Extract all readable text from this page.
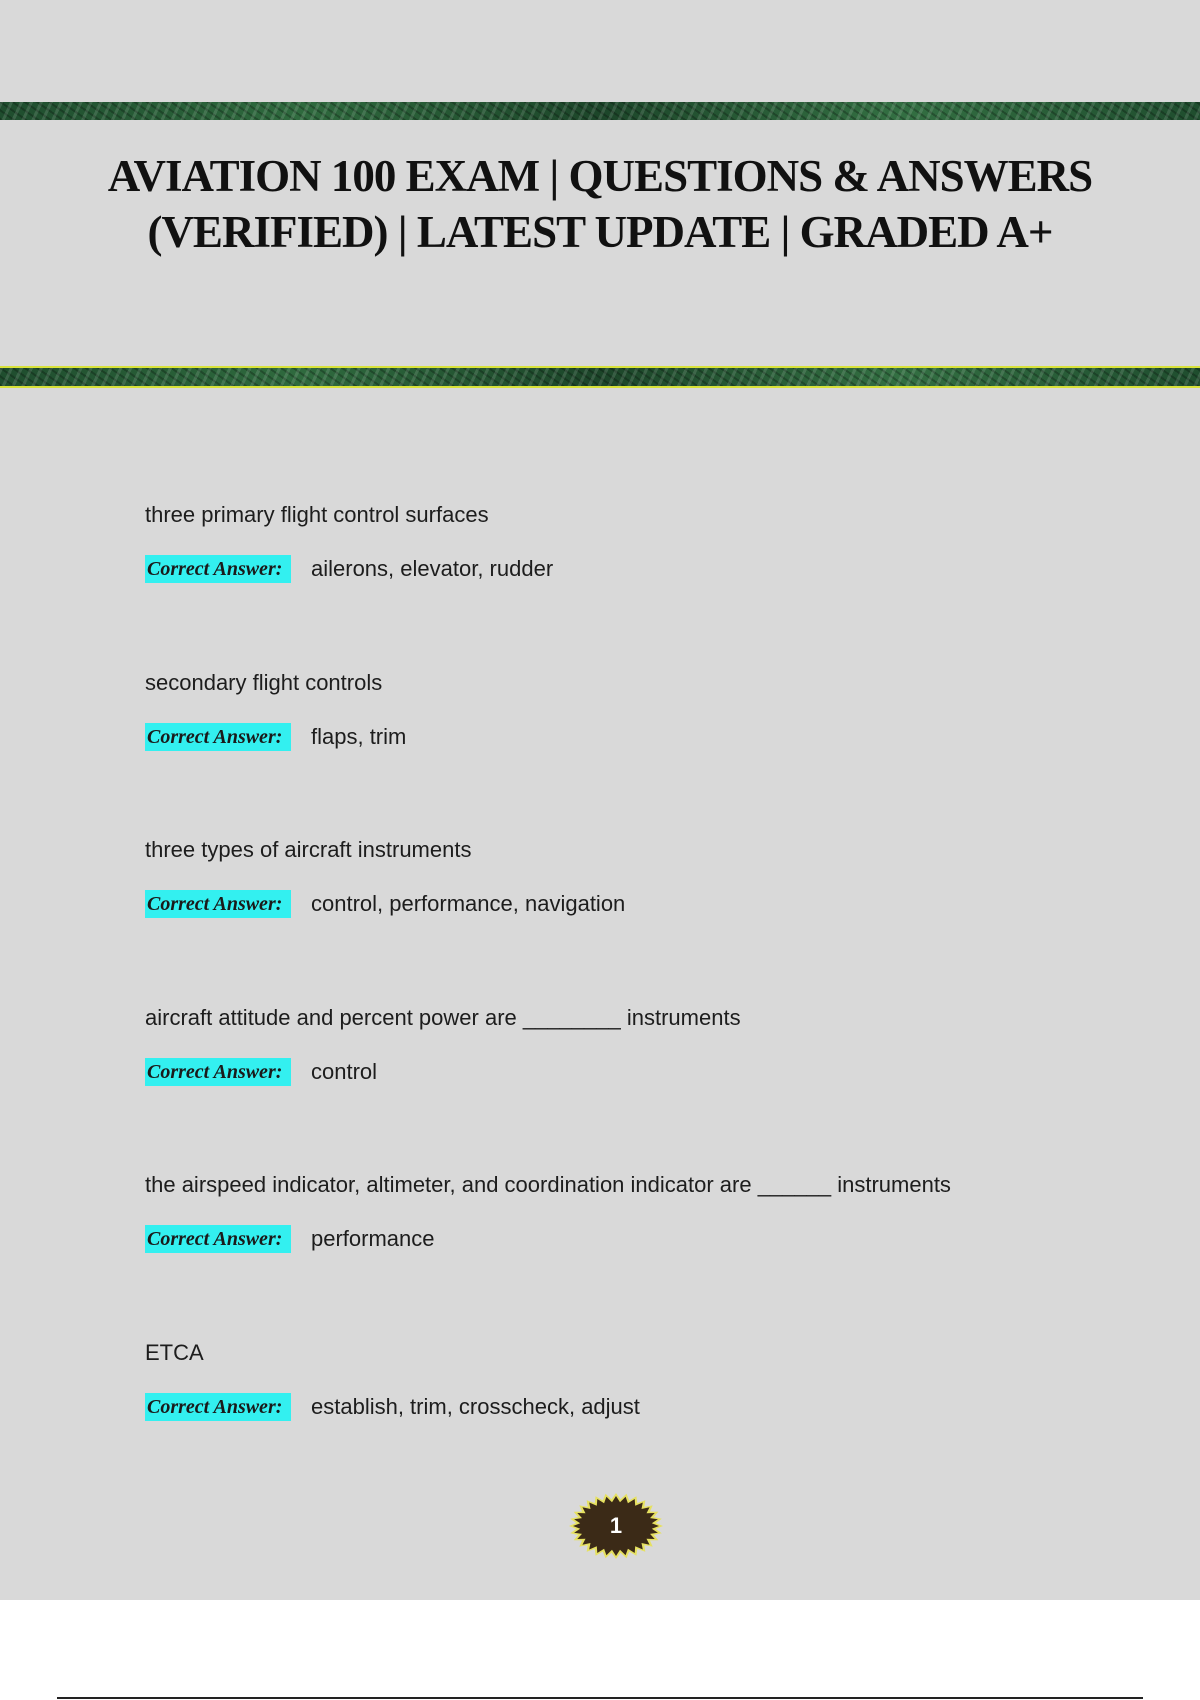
AVIATION 100 EXAM | QUESTIONS & ANSWERS (VERIFIED) | LATEST UPDATE | GRADED A+

three primary flight control surfaces

Correct Answer:	ailerons, elevator, rudder

secondary flight controls

Correct Answer:	flaps, trim

three types of aircraft instruments

Correct Answer:	control, performance, navigation

aircraft attitude and percent power are ________ instruments

Correct Answer:	control

the airspeed indicator, altimeter, and coordination indicator are ______ instruments

Correct Answer:	performance

ETCA

Correct Answer:	establish, trim, crosscheck, adjust
1
